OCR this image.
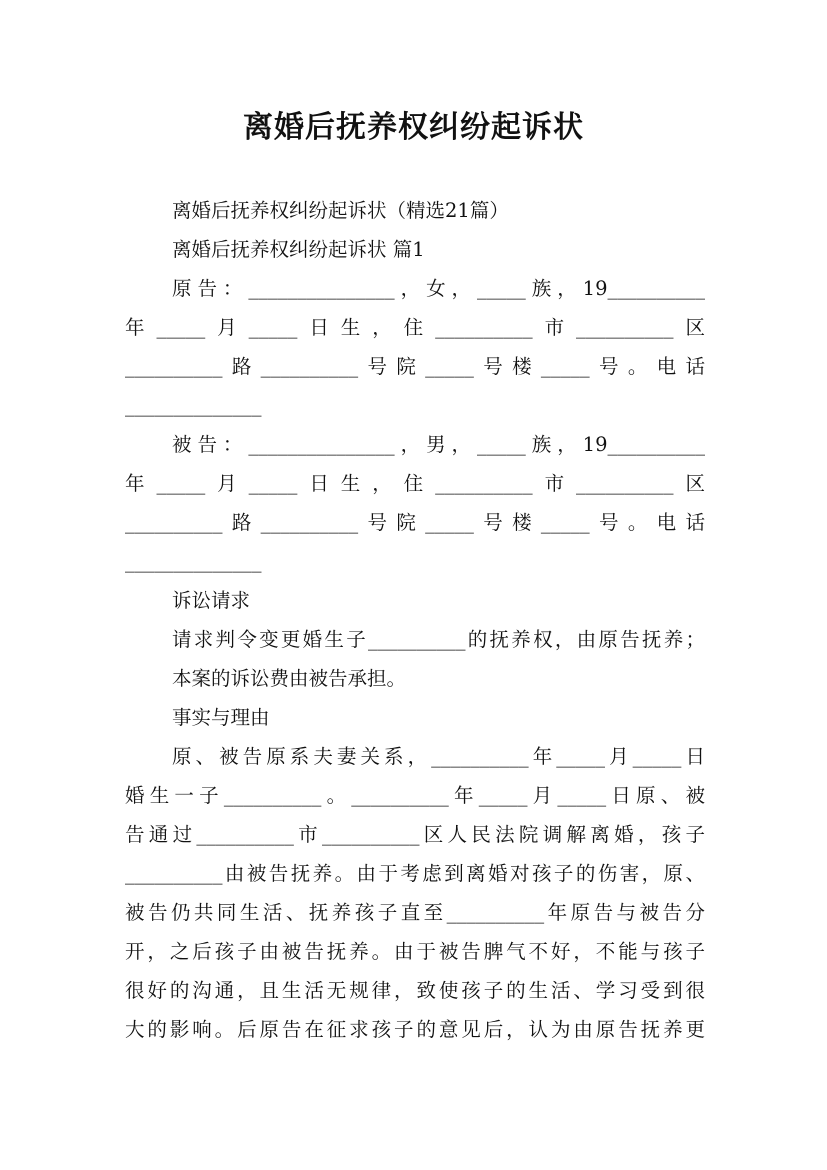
离婚后抚养权纠纷起诉状
离婚后抚养权纠纷起诉状（精选21篇）
离婚后抚养权纠纷起诉状 篇1
原告：_______________，女，_____族，19__________
年_____月_____日生，住__________市__________区
__________路__________号院_____号楼_____号。电话
______________
被告：_______________，男，_____族，19__________
年_____月_____日生，住__________市__________区
__________路__________号院_____号楼_____号。电话
______________
诉讼请求
请求判令变更婚生子__________的抚养权，由原告抚养；
本案的诉讼费由被告承担。
事实与理由
原、被告原系夫妻关系，__________年_____月_____日
婚生一子__________。__________年_____月_____日原、被
告通过__________市__________区人民法院调解离婚，孩子
__________由被告抚养。由于考虑到离婚对孩子的伤害，原、
被告仍共同生活、抚养孩子直至__________年原告与被告分
开，之后孩子由被告抚养。由于被告脾气不好，不能与孩子
很好的沟通，且生活无规律，致使孩子的生活、学习受到很
大的影响。后原告在征求孩子的意见后，认为由原告抚养更
